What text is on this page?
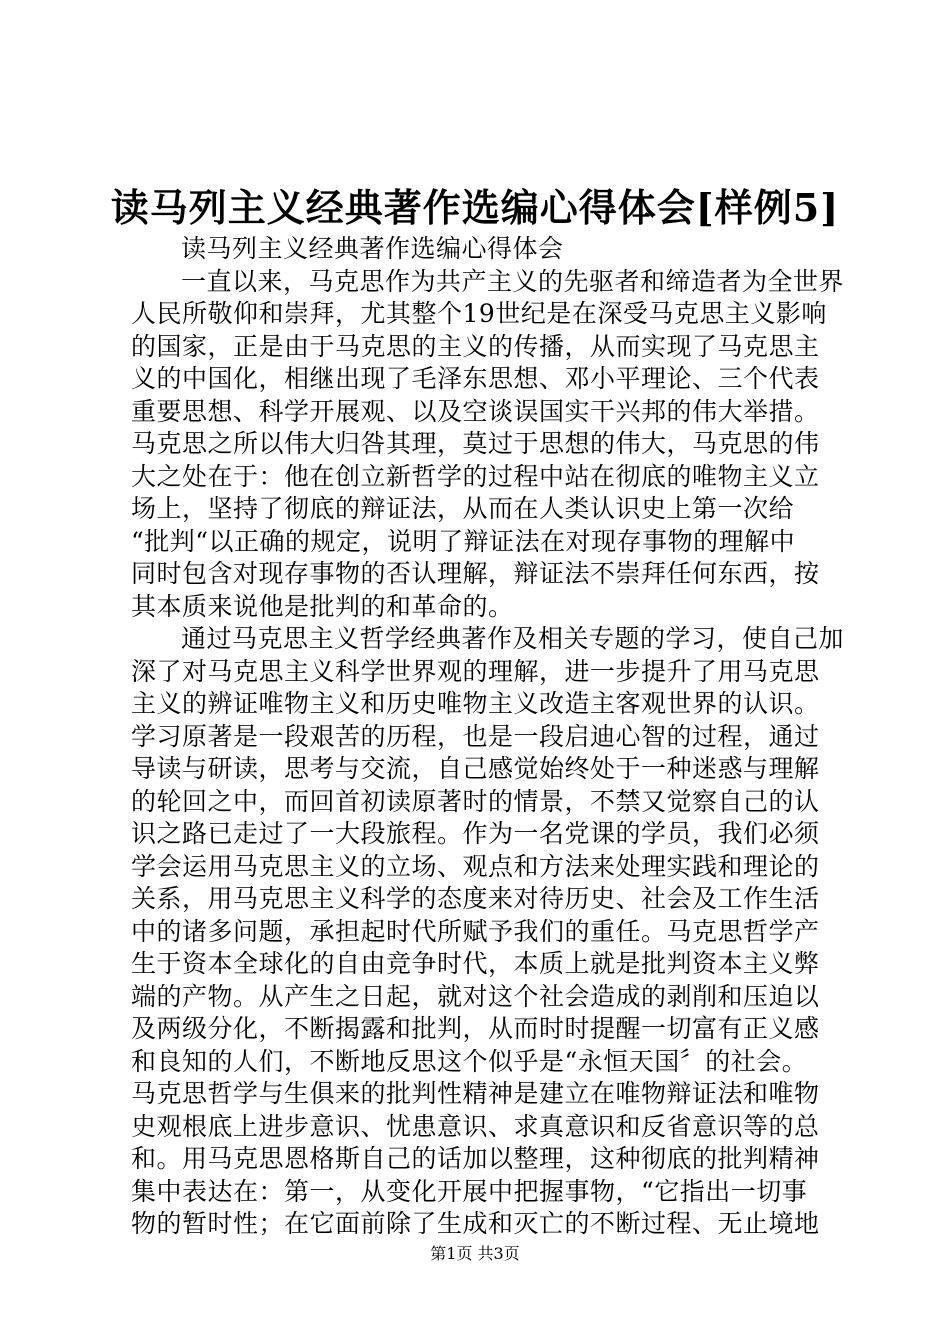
读马列主义经典著作选编心得体会[样例5]
读马列主义经典著作选编心得体会
一直以来，马克思作为共产主义的先驱者和缔造者为全世界
人民所敬仰和崇拜，尤其整个19世纪是在深受马克思主义影响
的国家，正是由于马克思的主义的传播，从而实现了马克思主
义的中国化，相继出现了毛泽东思想、邓小平理论、三个代表
重要思想、科学开展观、以及空谈误国实干兴邦的伟大举措。
马克思之所以伟大归咎其理，莫过于思想的伟大，马克思的伟
大之处在于：他在创立新哲学的过程中站在彻底的唯物主义立
场上，坚持了彻底的辩证法，从而在人类认识史上第一次给
“批判“以正确的规定，说明了辩证法在对现存事物的理解中
同时包含对现存事物的否认理解，辩证法不崇拜任何东西，按
其本质来说他是批判的和革命的。
通过马克思主义哲学经典著作及相关专题的学习，使自己加
深了对马克思主义科学世界观的理解，进一步提升了用马克思
主义的辨证唯物主义和历史唯物主义改造主客观世界的认识。
学习原著是一段艰苦的历程，也是一段启迪心智的过程，通过
导读与研读，思考与交流，自己感觉始终处于一种迷惑与理解
的轮回之中，而回首初读原著时的情景，不禁又觉察自己的认
识之路已走过了一大段旅程。作为一名党课的学员，我们必须
学会运用马克思主义的立场、观点和方法来处理实践和理论的
关系，用马克思主义科学的态度来对待历史、社会及工作生活
中的诸多问题，承担起时代所赋予我们的重任。马克思哲学产
生于资本全球化的自由竞争时代，本质上就是批判资本主义弊
端的产物。从产生之日起，就对这个社会造成的剥削和压迫以
及两级分化，不断揭露和批判，从而时时提醒一切富有正义感
和良知的人们，不断地反思这个似乎是“永恒天国〞的社会。
马克思哲学与生俱来的批判性精神是建立在唯物辩证法和唯物
史观根底上进步意识、忧患意识、求真意识和反省意识等的总
和。用马克思恩格斯自己的话加以整理，这种彻底的批判精神
集中表达在：第一，从变化开展中把握事物，“它指出一切事
物的暂时性；在它面前除了生成和灭亡的不断过程、无止境地
第1页 共3页
